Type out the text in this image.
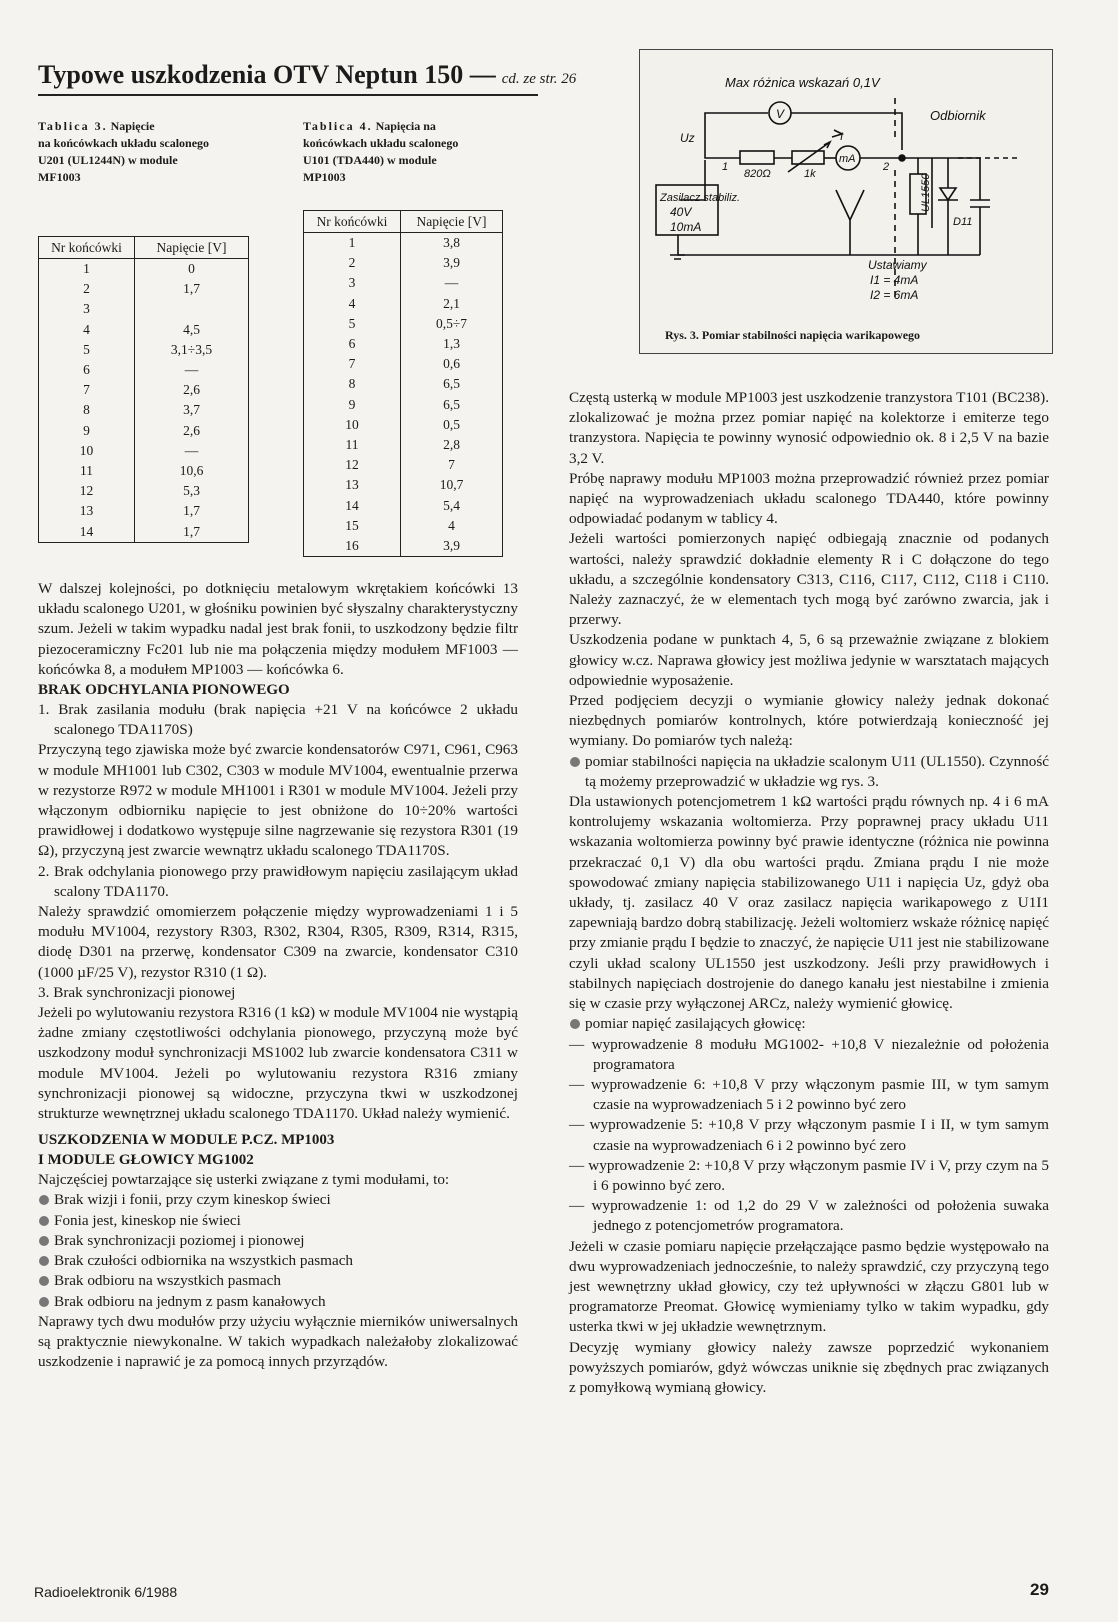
Typowe uszkodzenia OTV Neptun 150 — cd. ze str. 26
Tablica 3. Napięcie
na końcówkach układu scalonego
U201 (UL1244N) w module
MF1003
Nr końcówki	Napięcie [V]
1	0
2	1,7
3	
4	4,5
5	3,1÷3,5
6	—
7	2,6
8	3,7
9	2,6
10	—
11	10,6
12	5,3
13	1,7
14	1,7
Tablica 4. Napięcia na
końcówkach układu scalonego
U101 (TDA440) w module
MP1003
Nr końcówki	Napięcie [V]
1	3,8
2	3,9
3	—
4	2,1
5	0,5÷7
6	1,3
7	0,6
8	6,5
9	6,5
10	0,5
11	2,8
12	7
13	10,7
14	5,4
15	4
16	3,9
Max różnica wskazań 0,1V
V
mA
Uz
1	2
820Ω	1k
I
Zasilacz stabiliz.
40V
10mA
Odbiornik
UL1550
D11
Ustawiamy
I1 = 4mA
I2 = 6mA
Rys. 3. Pomiar stabilności napięcia warikapowego

W dalszej kolejności, po dotknięciu metalowym wkrętakiem końcówki 13 układu scalonego U201, w głośniku powinien być słyszalny charakterystyczny szum. Jeżeli w takim wypadku nadal jest brak fonii, to uszkodzony będzie filtr piezoceramiczny Fc201 lub nie ma połączenia między modułem MF1003 — końcówka 8, a modułem MP1003 — końcówka 6.

BRAK ODCHYLANIA PIONOWEGO

1. Brak zasilania modułu (brak napięcia +21 V na końcówce 2 układu scalonego TDA1170S)

Przyczyną tego zjawiska może być zwarcie kondensatorów C971, C961, C963 w module MH1001 lub C302, C303 w module MV1004, ewentualnie przerwa w rezystorze R972 w module MH1001 i R301 w module MV1004. Jeżeli przy włączonym odbiorniku napięcie to jest obniżone do 10÷20% wartości prawidłowej i dodatkowo występuje silne nagrzewanie się rezystora R301 (19 Ω), przyczyną jest zwarcie wewnątrz układu scalonego TDA1170S.

2. Brak odchylania pionowego przy prawidłowym napięciu zasilającym układ scalony TDA1170.

Należy sprawdzić omomierzem połączenie między wyprowadzeniami 1 i 5 modułu MV1004, rezystory R303, R302, R304, R305, R309, R314, R315, diodę D301 na przerwę, kondensator C309 na zwarcie, kondensator C310 (1000 µF/25 V), rezystor R310 (1 Ω).

3. Brak synchronizacji pionowej

Jeżeli po wylutowaniu rezystora R316 (1 kΩ) w module MV1004 nie wystąpią żadne zmiany częstotliwości odchylania pionowego, przyczyną może być uszkodzony moduł synchronizacji MS1002 lub zwarcie kondensatora C311 w module MV1004. Jeżeli po wylutowaniu rezystora R316 zmiany synchronizacji pionowej są widoczne, przyczyna tkwi w uszkodzonej strukturze wewnętrznej układu scalonego TDA1170. Układ należy wymienić.

USZKODZENIA W MODULE P.CZ. MP1003
I MODULE GŁOWICY MG1002

Najczęściej powtarzające się usterki związane z tymi modułami, to:

Brak wizji i fonii, przy czym kineskop świeci

Fonia jest, kineskop nie świeci

Brak synchronizacji poziomej i pionowej

Brak czułości odbiornika na wszystkich pasmach

Brak odbioru na wszystkich pasmach

Brak odbioru na jednym z pasm kanałowych

Naprawy tych dwu modułów przy użyciu wyłącznie mierników uniwersalnych są praktycznie niewykonalne. W takich wypadkach należałoby zlokalizować uszkodzenie i naprawić je za pomocą innych przyrządów.

Częstą usterką w module MP1003 jest uszkodzenie tranzystora T101 (BC238). zlokalizować je można przez pomiar napięć na kolektorze i emiterze tego tranzystora. Napięcia te powinny wynosić odpowiednio ok. 8 i 2,5 V na bazie 3,2 V.

Próbę naprawy modułu MP1003 można przeprowadzić również przez pomiar napięć na wyprowadzeniach układu scalonego TDA440, które powinny odpowiadać podanym w tablicy 4.

Jeżeli wartości pomierzonych napięć odbiegają znacznie od podanych wartości, należy sprawdzić dokładnie elementy R i C dołączone do tego układu, a szczególnie kondensatory C313, C116, C117, C112, C118 i C110. Należy zaznaczyć, że w elementach tych mogą być zarówno zwarcia, jak i przerwy.

Uszkodzenia podane w punktach 4, 5, 6 są przeważnie związane z blokiem głowicy w.cz. Naprawa głowicy jest możliwa jedynie w warsztatach mających odpowiednie wyposażenie.

Przed podjęciem decyzji o wymianie głowicy należy jednak dokonać niezbędnych pomiarów kontrolnych, które potwierdzają konieczność jej wymiany. Do pomiarów tych należą:

pomiar stabilności napięcia na układzie scalonym U11 (UL1550). Czynność tą możemy przeprowadzić w układzie wg rys. 3.

Dla ustawionych potencjometrem 1 kΩ wartości prądu równych np. 4 i 6 mA kontrolujemy wskazania woltomierza. Przy poprawnej pracy układu U11 wskazania woltomierza powinny być prawie identyczne (różnica nie powinna przekraczać 0,1 V) dla obu wartości prądu. Zmiana prądu I nie może spowodować zmiany napięcia stabilizowanego U11 i napięcia Uz, gdyż oba układy, tj. zasilacz 40 V oraz zasilacz napięcia warikapowego z U1I1 zapewniają bardzo dobrą stabilizację. Jeżeli woltomierz wskaże różnicę napięć przy zmianie prądu I będzie to znaczyć, że napięcie U11 jest nie stabilizowane czyli układ scalony UL1550 jest uszkodzony. Jeśli przy prawidłowych i stabilnych napięciach dostrojenie do danego kanału jest niestabilne i zmienia się w czasie przy wyłączonej ARCz, należy wymienić głowicę.

pomiar napięć zasilających głowicę:

— wyprowadzenie 8 modułu MG1002- +10,8 V niezależnie od położenia programatora

— wyprowadzenie 6: +10,8 V przy włączonym pasmie III, w tym samym czasie na wyprowadzeniach 5 i 2 powinno być zero

— wyprowadzenie 5: +10,8 V przy włączonym pasmie I i II, w tym samym czasie na wyprowadzeniach 6 i 2 powinno być zero

— wyprowadzenie 2: +10,8 V przy włączonym pasmie IV i V, przy czym na 5 i 6 powinno być zero.

— wyprowadzenie 1: od 1,2 do 29 V w zależności od położenia suwaka jednego z potencjometrów programatora.

Jeżeli w czasie pomiaru napięcie przełączające pasmo będzie występowało na dwu wyprowadzeniach jednocześnie, to należy sprawdzić, czy przyczyną tego jest wewnętrzny układ głowicy, czy też upływności w złączu G801 lub w programatorze Preomat. Głowicę wymieniamy tylko w takim wypadku, gdy usterka tkwi w jej układzie wewnętrznym.

Decyzję wymiany głowicy należy zawsze poprzedzić wykonaniem powyższych pomiarów, gdyż wówczas uniknie się zbędnych prac związanych z pomyłkową wymianą głowicy.

Radioelektronik 6/1988	29
